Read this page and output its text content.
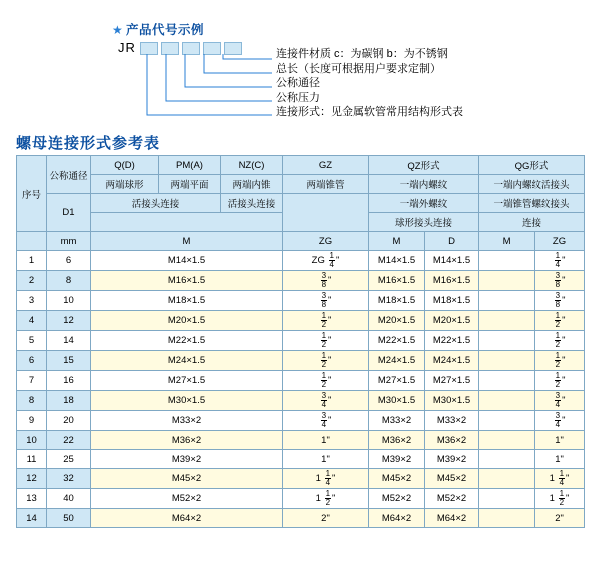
★ 产品代号示例
JR	连接件材质 c：为碳钢 b：为不锈钢
总长（长度可根据用户要求定制）
公称通径
公称压力
连接形式：见金属软管常用结构形式表
螺母连接形式参考表
序号	公称通径	Q(D)	PM(A)	NZ(C)	GZ	QZ形式		QG形式	
		两端球形	两端平面	两端内锥	两端锥管	一端内螺纹		一端内螺纹活接头	
	D1	活接头连接		活接头连接		一端外螺纹		一端锥管螺纹接头	
						球形接头连接		连接	
	mm	M			ZG	M	D	M	ZG
1	6	M14×1.5			ZG $\frac{1}{4}$ "	M14×1.5	M14×1.5		$\frac{1}{4}$ "
2	8	M16×1.5			$\frac{3}{8}$ "	M16×1.5	M16×1.5		$\frac{3}{8}$ "
3	10	M18×1.5			$\frac{3}{8}$ "	M18×1.5	M18×1.5		$\frac{3}{8}$ "
4	12	M20×1.5			$\frac{1}{2}$ "	M20×1.5	M20×1.5		$\frac{1}{2}$ "
5	14	M22×1.5			$\frac{1}{2}$ "	M22×1.5	M22×1.5		$\frac{1}{2}$ "
6	15	M24×1.5			$\frac{1}{2}$ "	M24×1.5	M24×1.5		$\frac{1}{2}$ "
7	16	M27×1.5			$\frac{1}{2}$ "	M27×1.5	M27×1.5		$\frac{1}{2}$ "
8	18	M30×1.5			$\frac{3}{4}$ "	M30×1.5	M30×1.5		$\frac{3}{4}$ "
9	20	M33×2			$\frac{3}{4}$ "	M33×2	M33×2		$\frac{3}{4}$ "
10	22	M36×2			1"	M36×2	M36×2		1"
11	25	M39×2			1"	M39×2	M39×2		1"
12	32	M45×2			$1 \frac{1}{4}$ "	M45×2	M45×2		$1 \frac{1}{4}$ "
13	40	M52×2			$1 \frac{1}{2}$ "	M52×2	M52×2		$1 \frac{1}{2}$ "
14	50	M64×2			2"	M64×2	M64×2		2"
